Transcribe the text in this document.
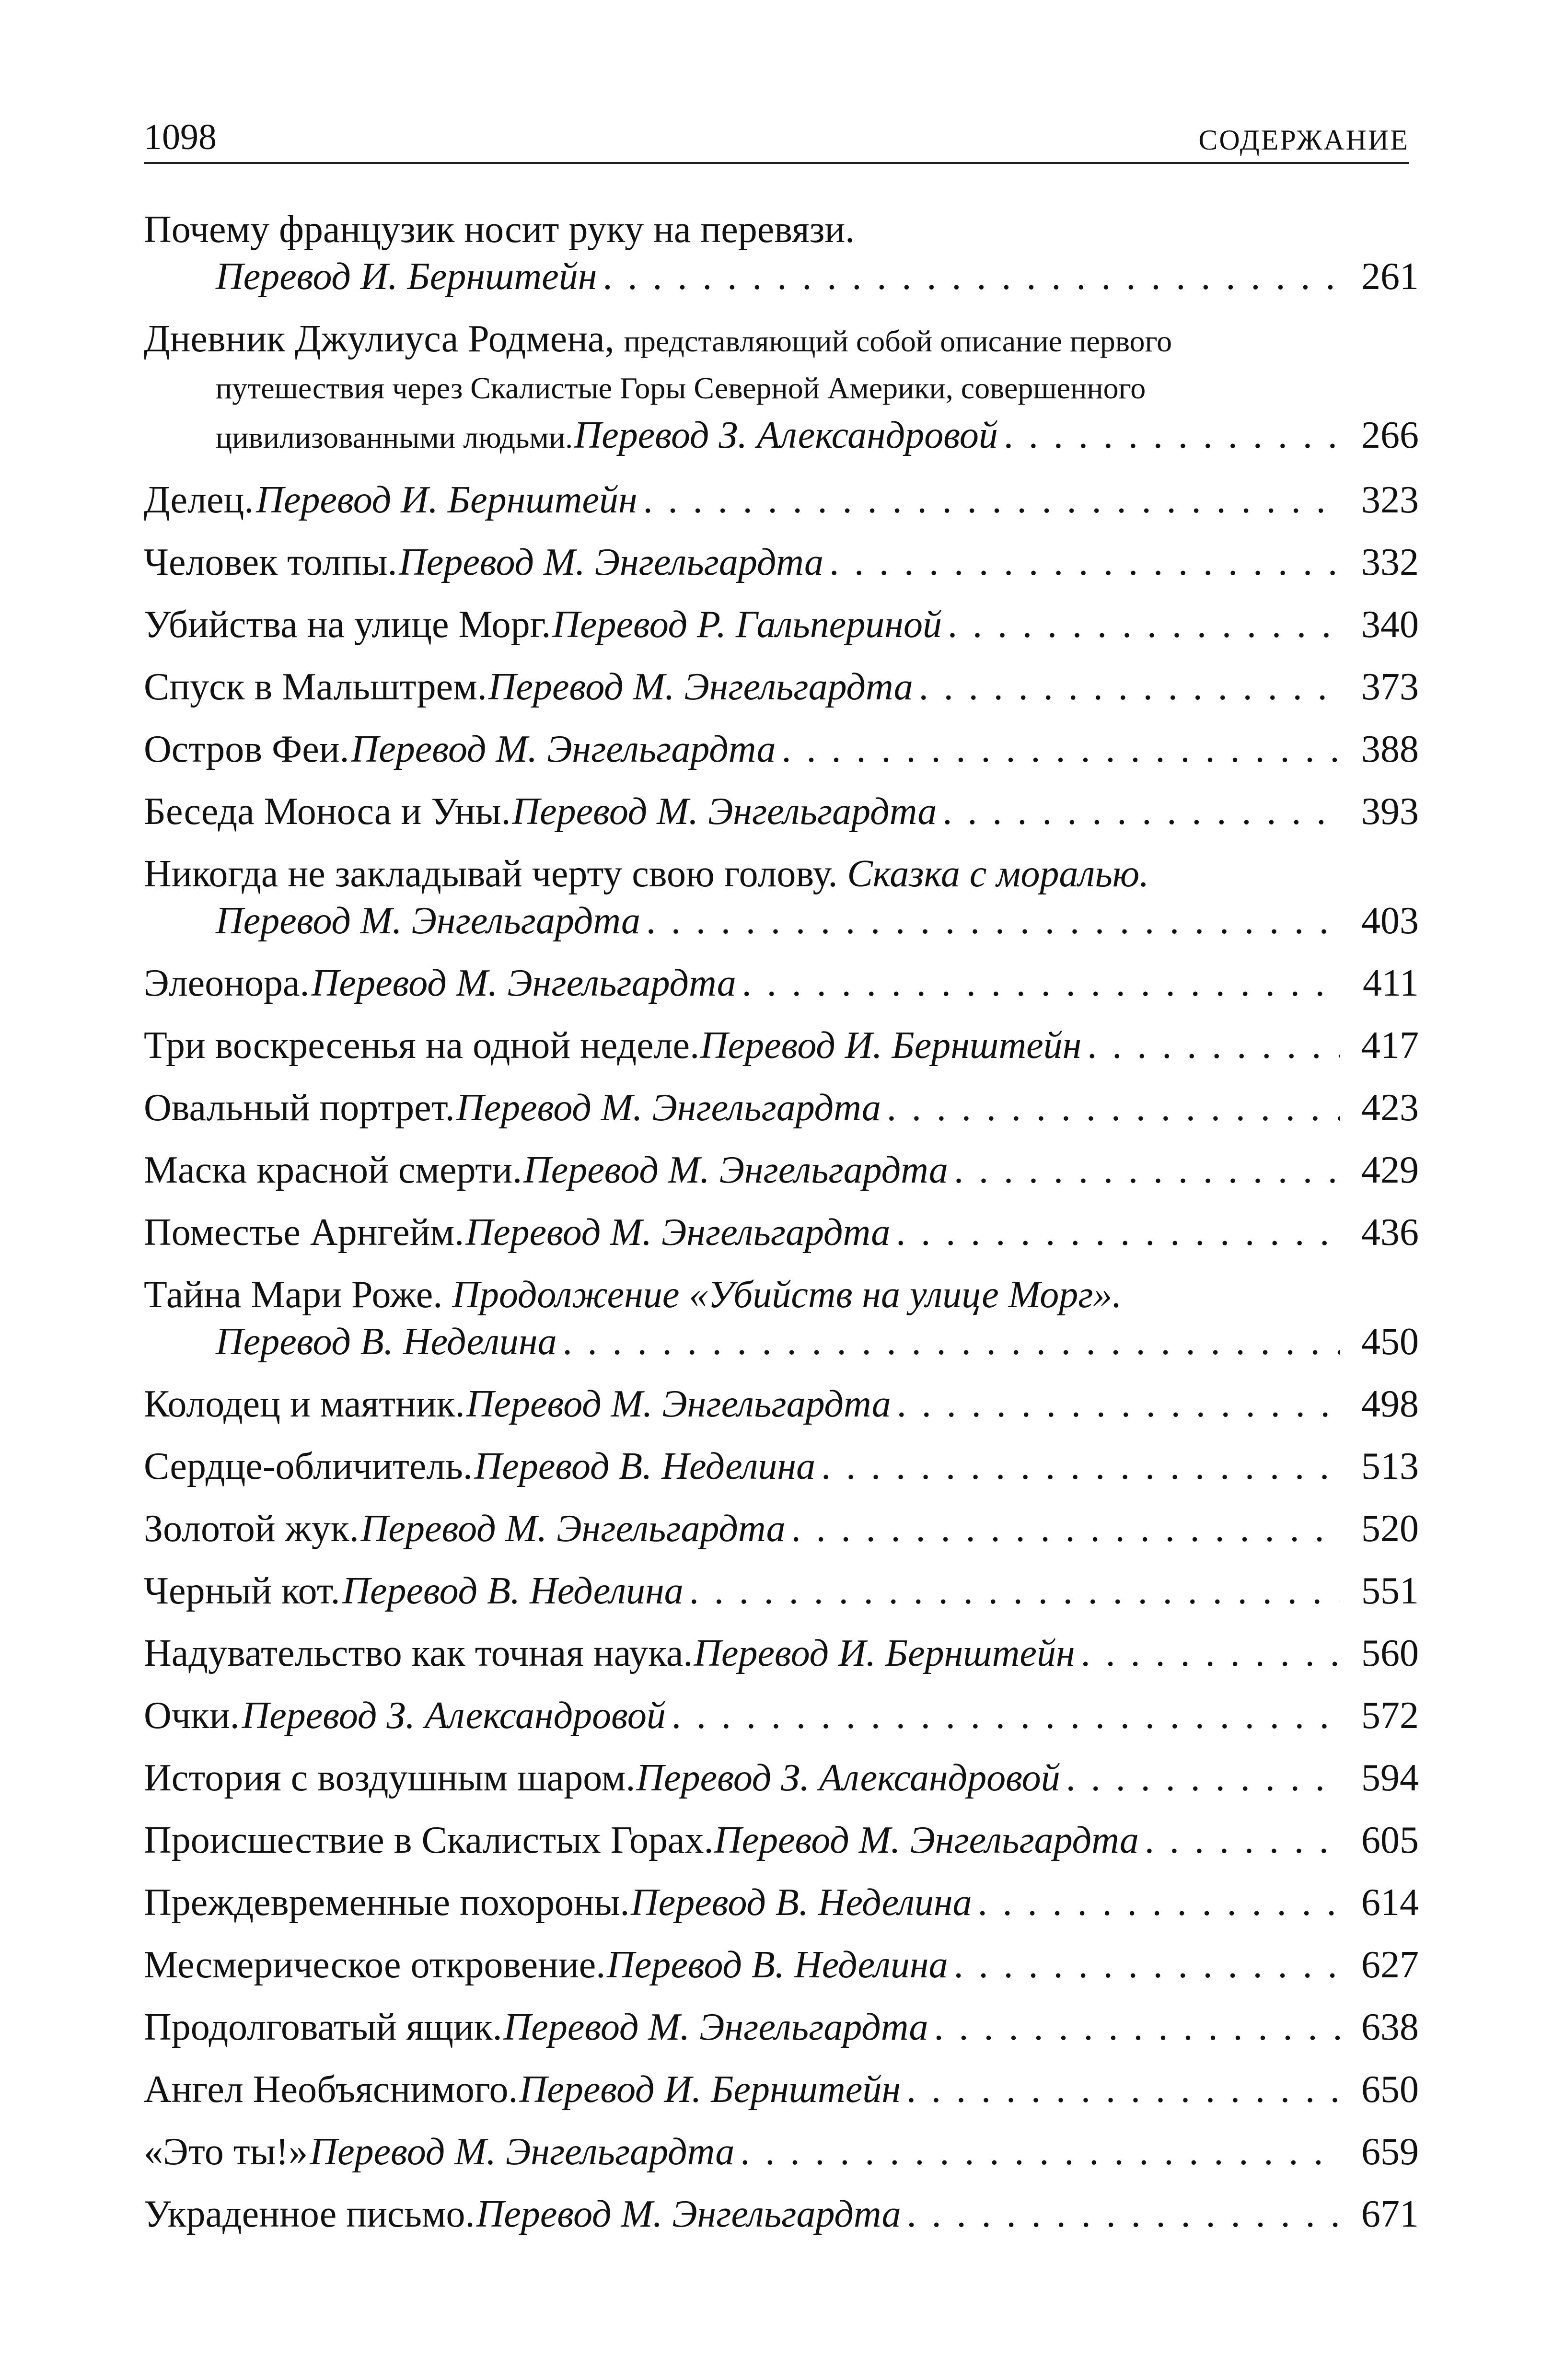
1098	СОДЕРЖАНИЕ
Почему французик носит руку на перевязи.
Перевод И. Бернштейн . . .	261
Дневник Джулиуса Родмена, представляющий собой описание первого
путешествия через Скалистые Горы Северной Америки, совершенного
цивилизованными людьми. Перевод З. Александровой . . .	266
Делец. Перевод И. Бернштейн . . .	323
Человек толпы. Перевод М. Энгельгардта . . .	332
Убийства на улице Морг. Перевод Р. Гальпериной . . .	340
Спуск в Мальштрем. Перевод М. Энгельгардта . . .	373
Остров Феи. Перевод М. Энгельгардта . . .	388
Беседа Моноса и Уны. Перевод М. Энгельгардта . . .	393
Никогда не закладывай черту свою голову. Сказка с моралью.
Перевод М. Энгельгардта . . .	403
Элеонора. Перевод М. Энгельгардта . . .	411
Три воскресенья на одной неделе. Перевод И. Бернштейн . . .	417
Овальный портрет. Перевод М. Энгельгардта . . .	423
Маска красной смерти. Перевод М. Энгельгардта . . .	429
Поместье Арнгейм. Перевод М. Энгельгардта . . .	436
Тайна Мари Роже. Продолжение «Убийств на улице Морг».
Перевод В. Неделина . . .	450
Колодец и маятник. Перевод М. Энгельгардта . . .	498
Сердце-обличитель. Перевод В. Неделина . . .	513
Золотой жук. Перевод М. Энгельгардта . . .	520
Черный кот. Перевод В. Неделина . . .	551
Надувательство как точная наука. Перевод И. Бернштейн . . .	560
Очки. Перевод З. Александровой . . .	572
История с воздушным шаром. Перевод З. Александровой . . .	594
Происшествие в Скалистых Горах. Перевод М. Энгельгардта . . .	605
Преждевременные похороны. Перевод В. Неделина . . .	614
Месмерическое откровение. Перевод В. Неделина . . .	627
Продолговатый ящик. Перевод М. Энгельгардта . . .	638
Ангел Необъяснимого. Перевод И. Бернштейн . . .	650
«Это ты!» Перевод М. Энгельгардта . . .	659
Украденное письмо. Перевод М. Энгельгардта . . .	671
